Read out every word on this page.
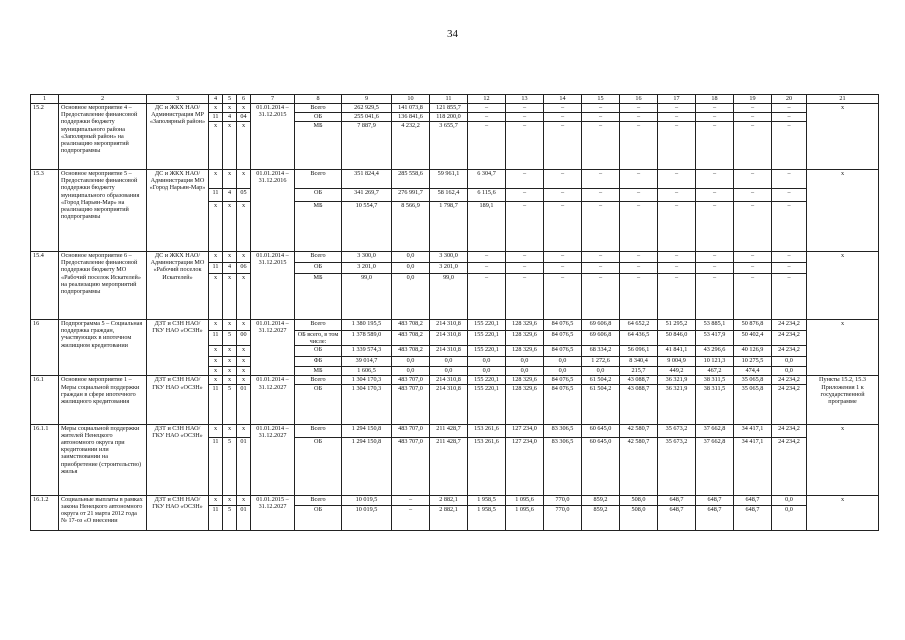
34
1	2	3	4	5	6	7	8	9	10	11	12	13	14	15	16	17	18	19	20	21
15.2	Основное мероприятие 4 – Предоставление финансовой поддержки бюджету муниципального района «Заполярный район» на реализацию мероприятий подпрограммы	ДС и ЖКХ НАО/ Администрация МР «Заполярный район»	x	x	x	01.01.2014 – 31.12.2015	Всего	262 929,5	141 073,8	121 855,7	–	–	–	–	–	–	–	–	–	x
			11	4	04		ОБ	255 041,6	136 841,6	118 200,0	–	–	–	–	–	–	–	–	–	
			x	x	x		МБ	7 887,9	4 232,2	3 655,7	–	–	–	–	–	–	–	–	–	
15.3	Основное мероприятие 5 – Предоставление финансовой поддержки бюджету муниципального образования «Город Нарьян-Мар» на реализацию мероприятий подпрограммы	ДС и ЖКХ НАО/ Администрация МО «Город Нарьян-Мар»	x	x	x	01.01.2014 – 31.12.2016	Всего	351 824,4	285 558,6	59 961,1	6 304,7	–	–	–	–	–	–	–	–	x
			11	4	05		ОБ	341 269,7	276 991,7	58 162,4	6 115,6	–	–	–	–	–	–	–	–	
			x	x	x		МБ	10 554,7	8 566,9	1 798,7	189,1	–	–	–	–	–	–	–	–	
15.4	Основное мероприятие 6 – Предоставление финансовой поддержки бюджету МО «Рабочий поселок Искателей» на реализацию мероприятий подпрограммы	ДС и ЖКХ НАО/ Администрация МО «Рабочий поселок Искателей»	x	x	x	01.01.2014 – 31.12.2015	Всего	3 300,0	0,0	3 300,0	–	–	–	–	–	–	–	–	–	x
			11	4	06		ОБ	3 201,0	0,0	3 201,0	–	–	–	–	–	–	–	–	–	
			x	x	x		МБ	99,0	0,0	99,0	–	–	–	–	–	–	–	–	–	
16	Подпрограмма 5 – Социальная поддержка граждан, участвующих в ипотечном жилищном кредитовании	ДЗТ и СЗН НАО/ ГКУ НАО «ОСЗН»	x	x	x	01.01.2014 – 31.12.2027	Всего	1 380 195,5	483 708,2	214 310,8	155 220,1	128 329,6	84 076,5	69 606,8	64 652,2	51 295,2	53 885,1	50 876,8	24 234,2	x
			11	5	00		ОБ всего, в том числе:	1 378 589,0	483 708,2	214 310,8	155 220,1	128 329,6	84 076,5	69 606,8	64 436,5	50 846,0	53 417,9	50 402,4	24 234,2	
			x	x	x		ОБ	1 339 574,3	483 708,2	214 310,8	155 220,1	128 329,6	84 076,5	68 334,2	56 096,1	41 841,1	43 296,6	40 126,9	24 234,2	
			x	x	x		ФБ	39 014,7	0,0	0,0	0,0	0,0	0,0	1 272,6	8 340,4	9 004,9	10 121,3	10 275,5	0,0	
			x	x	x		МБ	1 606,5	0,0	0,0	0,0	0,0	0,0	0,0	215,7	449,2	467,2	474,4	0,0	
16.1	Основное мероприятие 1 – Меры социальной поддержки граждан в сфере ипотечного жилищного кредитования	ДЗТ и СЗН НАО/ ГКУ НАО «ОСЗН»	x	x	x	01.01.2014 – 31.12.2027	Всего	1 304 170,3	483 707,0	214 310,8	155 220,1	128 329,6	84 076,5	61 504,2	43 088,7	36 321,9	38 311,5	35 065,8	24 234,2	Пункты 15.2, 15.3 Приложения 1 к государственной программе
			11	5	01		ОБ	1 304 170,3	483 707,0	214 310,8	155 220,1	128 329,6	84 076,5	61 504,2	43 088,7	36 321,9	38 311,5	35 065,8	24 234,2	
16.1.1	Меры социальной поддержки жителей Ненецкого автономного округа при кредитовании или заимствовании на приобретение (строительство) жилья	ДЗТ и СЗН НАО/ ГКУ НАО «ОСЗН»	x	x	x	01.01.2014 – 31.12.2027	Всего	1 294 150,8	483 707,0	211 428,7	153 261,6	127 234,0	83 306,5	60 645,0	42 580,7	35 673,2	37 662,8	34 417,1	24 234,2	x
			11	5	01		ОБ	1 294 150,8	483 707,0	211 428,7	153 261,6	127 234,0	83 306,5	60 645,0	42 580,7	35 673,2	37 662,8	34 417,1	24 234,2	
16.1.2	Социальные выплаты в рамках закона Ненецкого автономного округа от 21 марта 2012 года № 17-оз «О внесении	ДЗТ и СЗН НАО/ ГКУ НАО «ОСЗН»	x	x	x	01.01.2015 – 31.12.2027	Всего	10 019,5	–	2 882,1	1 958,5	1 095,6	770,0	859,2	508,0	648,7	648,7	648,7	0,0	x
			11	5	01		ОБ	10 019,5	–	2 882,1	1 958,5	1 095,6	770,0	859,2	508,0	648,7	648,7	648,7	0,0	
